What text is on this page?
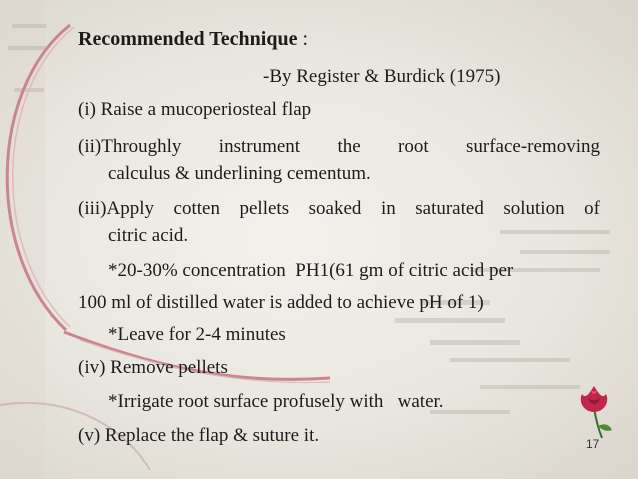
Recommended Technique :
-By Register & Burdick (1975)
(i) Raise a mucoperiosteal flap
(ii)Throughly instrument the root surface-removing
calculus & underlining cementum.
(iii)Apply cotten pellets soaked in saturated solution of
citric acid.
*20-30% concentration  PH1(61 gm of citric acid per
100 ml of distilled water is added to achieve pH of 1)
*Leave for 2-4 minutes
(iv) Remove pellets
*Irrigate root surface profusely with   water.
(v) Replace the flap & suture it.	17
